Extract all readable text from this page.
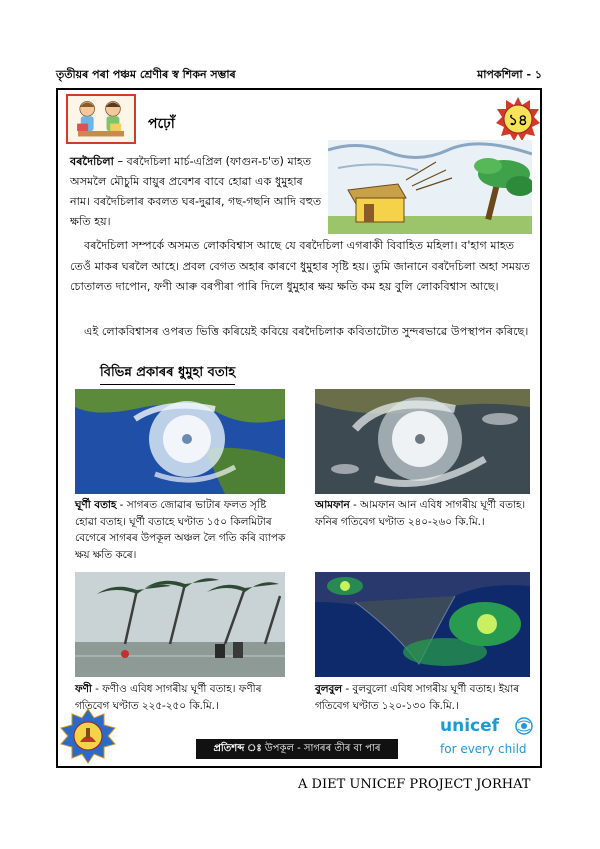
তৃতীয়ৰ পৰা পঞ্চম শ্ৰেণীৰ স্ব শিকন সম্ভাৰ	মাপকশিলা - ১
পঢ়োঁ	১৪
বৰদৈচিলা – বৰদৈচিলা মাৰ্চ-এপ্ৰিল (ফাগুন-চ'ত) মাহত অসমলৈ মৌচুমি বায়ুৰ প্ৰবেশৰ বাবে হোৱা এক ধুমুহাৰ নাম। বৰদৈচিলাৰ কবলত ঘৰ-দুৱাৰ, গছ-গছনি আদি বহুত ক্ষতি হয়।
বৰদৈচিলা সম্পৰ্কে অসমত লোকবিশ্বাস আছে যে বৰদৈচিলা এগৰাকী বিবাহিত মহিলা। ব'হাগ মাহত তেওঁ মাকৰ ঘৰলৈ আহে। প্ৰবল বেগত অহাৰ কাৰণে ধুমুহাৰ সৃষ্টি হয়। তুমি জানানে বৰদৈচিলা অহা সময়ত চোতালত দাপোন, ফণী আৰু বৰপীৰা পাৰি দিলে ধুমুহাৰ ক্ষয় ক্ষতি কম হয় বুলি লোকবিশ্বাস আছে।
এই লোকবিশ্বাসৰ ওপৰত ভিত্তি কৰিয়েই কবিয়ে বৰদৈচিলাক কবিতাটোত সুন্দৰভাৱে উপস্থাপন কৰিছে।
বিভিন্ন প্ৰকাৰৰ ধুমুহা বতাহ
ঘূৰ্ণী বতাহ - সাগৰত জোৱাৰ ভাটাৰ ফলত সৃষ্টি হোৱা বতাহ। ঘূৰ্ণী বতাহে ঘণ্টাত ১৫০ কিলমিটাৰ বেগেৰে সাগৰৰ উপকূল অঞ্চল লৈ গতি কৰি ব্যাপক ক্ষয় ক্ষতি কৰে।
আমফান - আমফান আন এবিধ সাগৰীয় ঘূৰ্ণী বতাহ। ফনিৰ গতিবেগ ঘণ্টাত ২৪০-২৬০ কি.মি.।
ফণী - ফণীও এবিধ সাগৰীয় ঘূৰ্ণী বতাহ। ফণীৰ গতিবেগ ঘণ্টাত ২২৫-২৫০ কি.মি.।
বুলবুল - বুলবুলো এবিধ সাগৰীয় ঘূৰ্ণী বতাহ। ইয়াৰ গতিবেগ ঘণ্টাত ১২০-১৩০ কি.মি.।
প্ৰতিশব্দ ঃ উপকূল - সাগৰৰ তীৰ বা পাৰ
unicef
for every child
A DIET UNICEF PROJECT JORHAT
